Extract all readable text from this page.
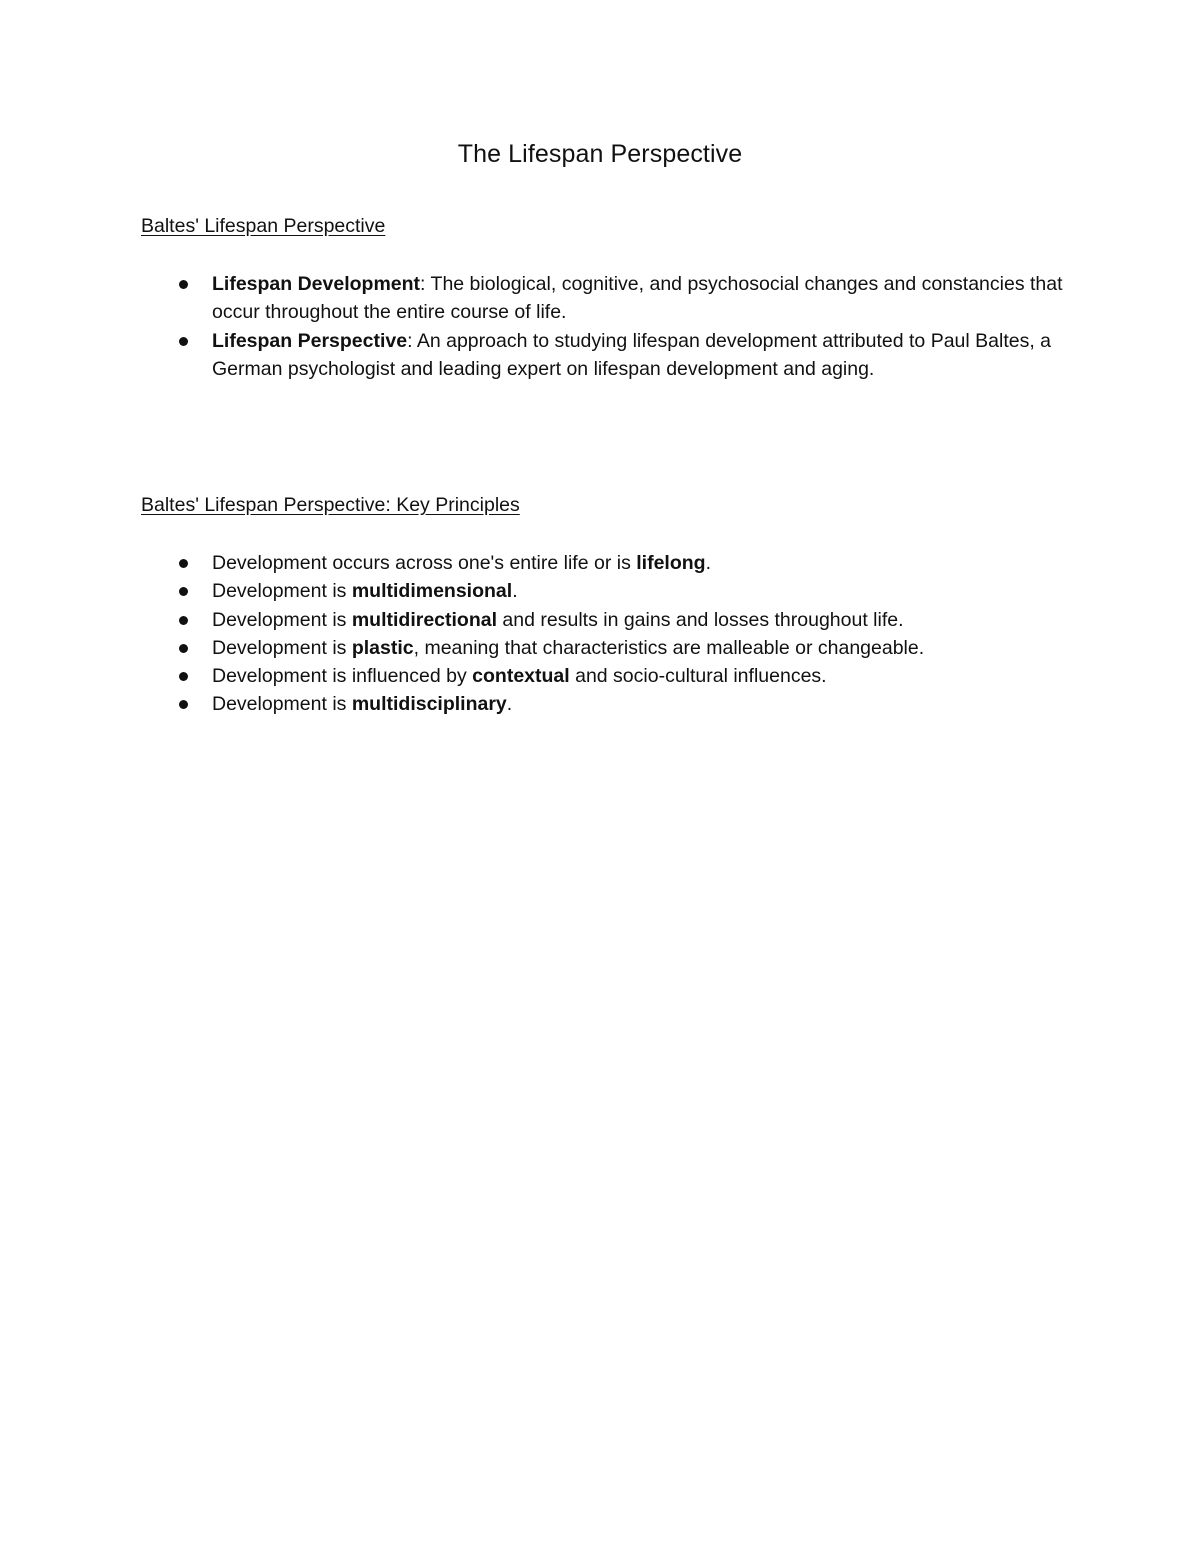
The Lifespan Perspective
Baltes' Lifespan Perspective
Lifespan Development: The biological, cognitive, and psychosocial changes and constancies that occur throughout the entire course of life.
Lifespan Perspective: An approach to studying lifespan development attributed to Paul Baltes, a German psychologist and leading expert on lifespan development and aging.
Baltes' Lifespan Perspective: Key Principles
Development occurs across one's entire life or is lifelong.
Development is multidimensional.
Development is multidirectional and results in gains and losses throughout life.
Development is plastic, meaning that characteristics are malleable or changeable.
Development is influenced by contextual and socio-cultural influences.
Development is multidisciplinary.
